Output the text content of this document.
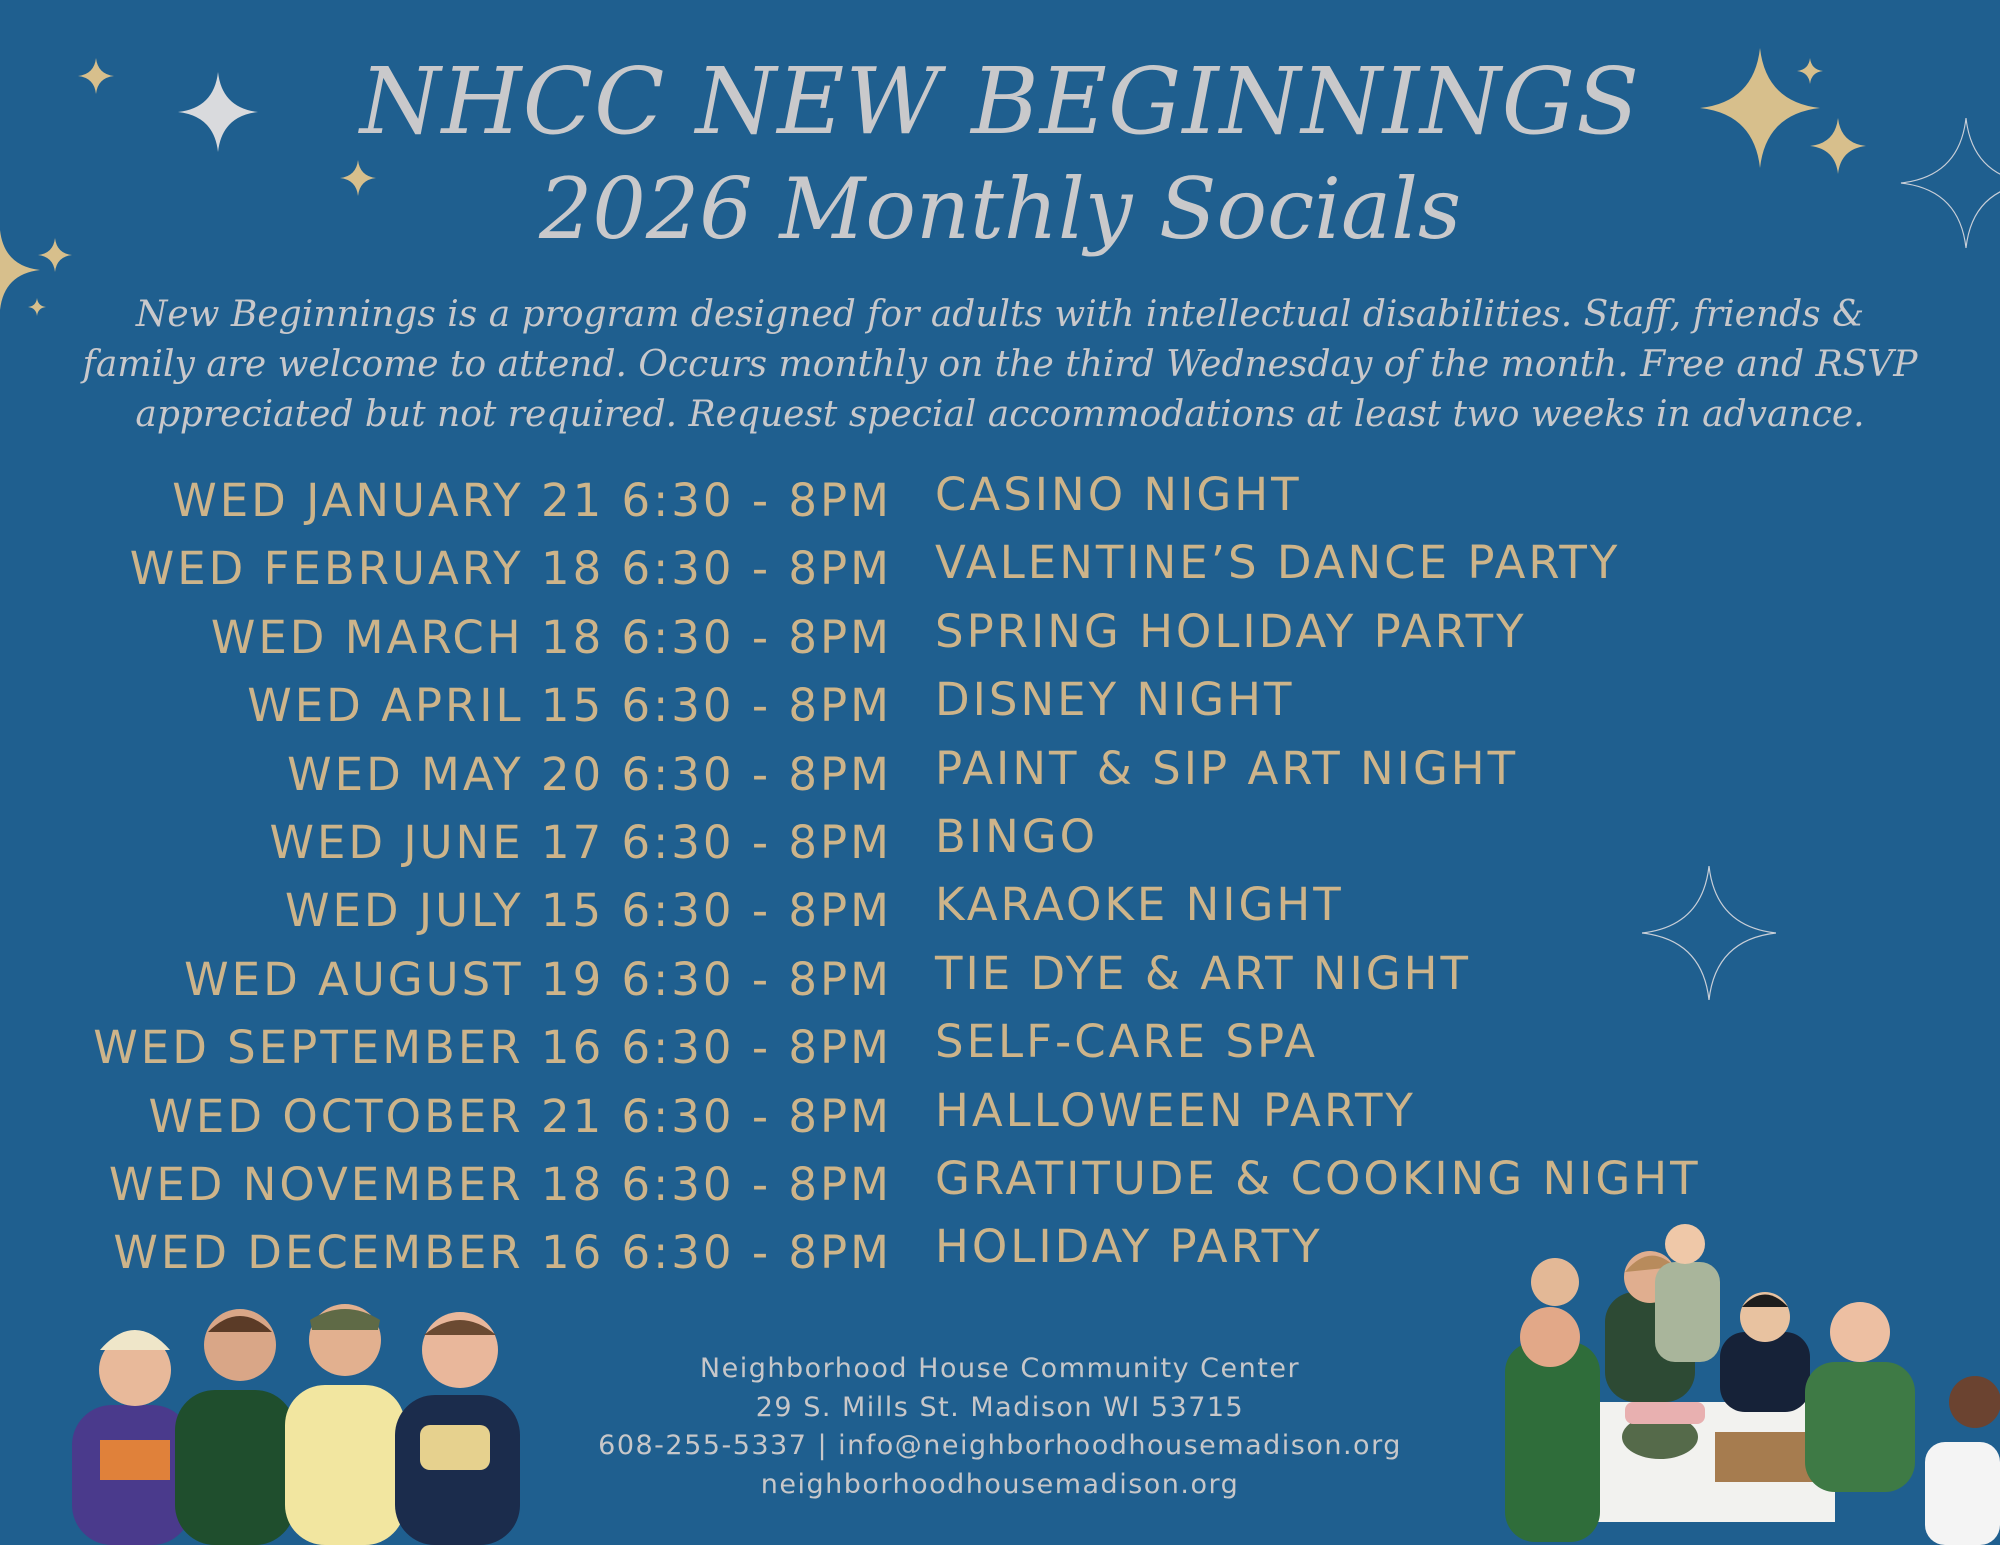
NHCC NEW BEGINNINGS
2026 Monthly Socials

New Beginnings is a program designed for adults with intellectual disabilities. Staff, friends & family are welcome to attend. Occurs monthly on the third Wednesday of the month. Free and RSVP appreciated but not required. Request special accommodations at least two weeks in advance.

WED JANUARY 21 6:30 - 8PM CASINO NIGHT
WED FEBRUARY 18 6:30 - 8PM VALENTINE’S DANCE PARTY
WED MARCH 18 6:30 - 8PM SPRING HOLIDAY PARTY
WED APRIL 15 6:30 - 8PM DISNEY NIGHT
WED MAY 20 6:30 - 8PM PAINT & SIP ART NIGHT
WED JUNE 17 6:30 - 8PM BINGO
WED JULY 15 6:30 - 8PM KARAOKE NIGHT
WED AUGUST 19 6:30 - 8PM TIE DYE & ART NIGHT
WED SEPTEMBER 16 6:30 - 8PM SELF-CARE SPA
WED OCTOBER 21 6:30 - 8PM HALLOWEEN PARTY
WED NOVEMBER 18 6:30 - 8PM GRATITUDE & COOKING NIGHT
WED DECEMBER 16 6:30 - 8PM HOLIDAY PARTY
Neighborhood House Community Center
29 S. Mills St. Madison WI 53715
608-255-5337 | info@neighborhoodhousemadison.org
neighborhoodhousemadison.org
